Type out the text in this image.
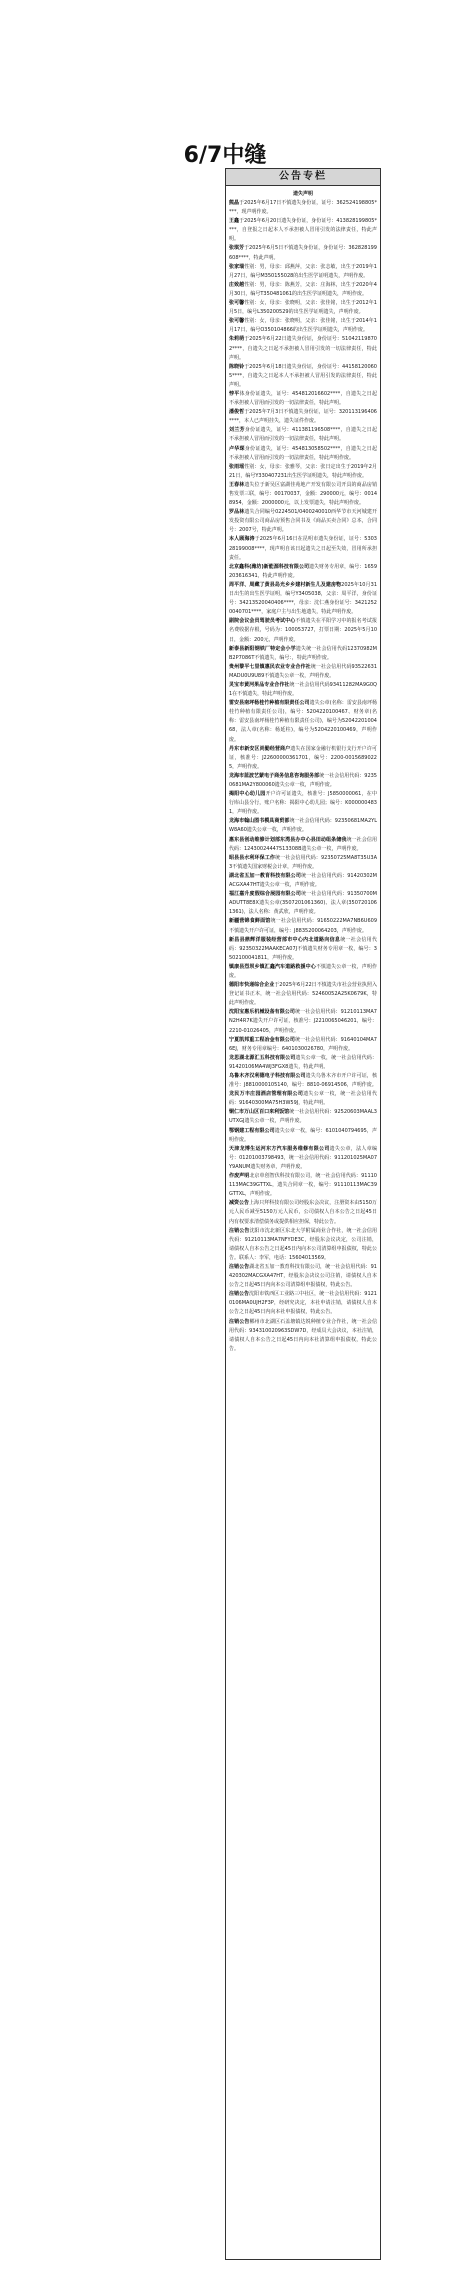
6/7中缝
公告专栏
遗失声明

熊晶于2025年6月17日不慎遗失身份证，证号：362524198805****，现声明作废。

王鑫于2025年6月20日遗失身份证，身份证号：413828199805****，自登报之日起本人不承担被人冒用引发的法律责任，特此声明。

张琪芳于2025年6月5日不慎遗失身份证，身份证号：362828199608****，特此声明。

张家瑞性别：男，母亲：邱燕萍，父亲：张志敏，出生于2019年1月27日，编号M350155028的出生医学证明遗失，声明作废。

庄致越性别：男，母亲：陈燕芳，父亲：庄海林，出生于2020年4月30日，编号T350481061的出生医学证明遗失，声明作废。

张可馨性别：女，母亲：张晓明，父亲：张佳铭，出生于2012年1月5日，编号L350200529的出生医学证明遗失，声明作废。

张可馨性别：女，母亲：张晓明，父亲：张佳铭，出生于2014年1月17日，编号O350104866的出生医学证明遗失，声明作废。

朱莉萌于2025年6月22日遗失身份证，身份证号：510421198702****，自遗失之日起不承担被人冒用引发的一切法律责任，特此声明。

陈晓铃于2025年6月18日遗失身份证，身份证号：441581200605****，自遗失之日起本人不承担被人冒用引发的法律责任，特此声明。

悖平体身份证遗失，证号：454812016602****，自遗失之日起不承担被人冒用而引发的一切法律责任，特此声明。

潘俊哲于2025年7月3日不慎遗失身份证，证号：320113196406****，本人已声明挂失，遗失证件作废。

刘兰芳身份证遗失，证号：411381196508****，自遗失之日起不承担被人冒用而引发的一切法律责任，特此声明。

卢华琛身份证遗失，证号：454813058502****，自遗失之日起不承担被人冒用而引发的一切法律责任，特此声明作废。

张雨瑶性别：女，母亲：张雅琴，父亲：张日定出生于2019年2月21日，编号Y330407231出生医学证明遗失，特此声明作废。

王春林遗失位于新吴区富湖佳苑地产开发有限公司开具的商品房销售发票三联，编号：00170037，金额：290000元，编号：00148954，金额：2000000元，以上发票遗失，特此声明作废。

罗品林遗失合同编号0224501/0400240010西华节市天河城建开发投资有限公司商品房预售合同书及《商品买卖合同》总本，合同号：2007号，特此声明。

本人顾海涛于2025年6月16日在昆明市遗失身份证，证号：530328199008****，现声明自该日起遗失之日起至失效，冒用所承担责任。

北京鑫科(潍坊)新能源科技有限公司遗失财务专用章，编号：1659203616341，特此声明作废。

周平洋、周藏了黄县岛光乡乡建村新生儿及建房物2025年10月31日出生的出生医学证明，编号Y3405038，父亲：周平洋，身份证号：34213520040406****，母亲：沈仁燕身份证号：34212520040701****，家庭户主与出生地遗失，特此声明作废。

副院会议会员驾驶员考试中心不慎遗失在平阳学习中的报名考试报名费收据存根，号码为：100053727，打票日期：2025年5月10日，金额：200元，声明作废。

新泰县新阳钢铁厂特定会小学遗失统一社会信用代码12370982MB2P7086T不慎遗失，编号：，特此声明作废。

贵州黎平七里镇惠民农业专业合作社统一社会信用代码93522631MADU0U9U89不慎遗失公章一枚，声明作废。

灵宝市黄河果品专业合作社统一社会信用代码93411282MA9G0Q1在不慎遗失，特此声明作废。

雷安县南坪杨桂竹种植有限责任公司遗失公章(名称：雷安县南坪杨桂竹种植有限责任公司)，编号：5204220100467、财务章(名称：雷安县南坪杨桂竹种植有限责任公司)，编号为5204220100468，法人章(名称：杨延柱)，编号为5204220100469，声明作废。

丹东市新安区尚勤经营商户遗失在国家金融行机银行支行开户许可证，核准号：J22600000361701，编号：2200-00156890225，声明作废。

龙海市蓝波艺蒙电子商务信息咨询服务部统一社会信用代码：92350681MA2Y800060遗失公章一枚，声明作废。

揭阳中心幼儿园开户许可证遗失，核准号：J5850000061，在中行库山县分行，账户名称：揭阳中心幼儿园；编号：K0000004831，声明作废。

龙海市翰山图书模具商贸部统一社会信用代码：92350681MA2YLW8A60遗失公章一枚，声明作废。

惠东县创动维修计划部东湾县办中心县田动组条储我统一社会信用代码：12430024447513308B遗失公章一枚，声明作废。

昭县县水利环保工作统一社会信用代码：92350725MA8T35U3A3不慎遗失国家财税会计章，声明作废。

湖北省五加一教育科技有限公司统一社会信用代码：91420302MACGXA47HT遗失公章一枚，声明作废。

福江嘉升度假综合展园有限公司统一社会信用代码：91350700MADUTT8E8X遗失公章(3507201061360)、法人章(3507201061361)，法人名称：黄武欣，声明作废。

新疆营锦食鲜面馆统一社会信用代码：91650222MA7NB6U609不慎遗失开户许可证，编号：J8835200064203，声明作废。

新昌县鼎辉洋服装经营部市中心内北道路向信息统一社会信用代码：92350322MAAKECA07J不慎遗失财务专用章一枚，编号：3502100041811，声明作废。

镇康县烈坝乡镇汇鑫汽车道路救援中心不慎遗失公章一枚，声明作废。

德阳市快递综合企业于2025年6月22日不慎遗失市社会营业执照入登记证书正本，统一社会信用代码：52460052A25K0679K，特此声明作废。

沈阳宝惠乐机械设备有限公司统一社会信用代码：91210113MA7N2H4R7K遗失开户许可证，核准号：J2210065046201，编号：2210-01026405，声明作废。

宁夏凯邦重工程冶金有限公司统一社会信用代码：91640104MA76EJ，财务专用章编号：6401030026780，声明作废。

龙思湖北源汇五科技有限公司遗失公章一枚，统一社会信用代码：91420106MA4WJ3FGX8遗失，特此声明。

乌鲁木齐汉利德电子科技有限公司遗失乌鲁木齐市开户许可证，核准号：J8810000105140，编号：8810-06914506，声明作废。

龙民万丰庄园酒店管理有限公司遗失公章一枚，统一社会信用代码：91640300MA75H3W59J，特此声明。

铜仁市万山区百口来利饭馆统一社会信用代码：92520603MAAL3UTXGJ遗失公章一枚，声明作废。

鄂钢建工程有限公司遗失公章一枚，编号：6101040794695，声明作废。

天津龙博生运河东方汽车服务维修有限公司遗失公章，法人章编号：01201003798493，统一社会信用代码：911201025MA07Y9ANUM遗失财务章，声明作废。

作废声明北京单创智伏科技有限公司，统一社会信用代码：91110113MAC39GTTXL，遗失合同章一枚，编号：91110113MAC39GTTXL，声明作废。

减资公告上海只拜科技有限公司经股东会决议，注册资本由5150万元人民币减至5150万元人民币，公司债权人自本公告之日起45日内有权要求清偿债务或提供相应担保，特此公告。

注销公告沈阳市沈北新区东北大学附属商业合作社，统一社会信用代码：91210113MA7NFYDE3C，经股东会议决定，公司注销，请债权人自本公告之日起45日内向本公司清算组申报债权，特此公告。联系人：李军，电话：15604013569。

注销公告湖北省五加一教育科技有限公司，统一社会信用代码：91420302MACGXA47HT，经股东会决议公司注销，请债权人自本公告之日起45日内向本公司清算组申报债权，特此公告。

注销公告沈阳市铁西区工业路三中社区，统一社会信用代码：91210106MA0UJH2F3P，经研究决定，本社申请注销，请债权人自本公告之日起45日内向本社申报债权，特此公告。

注销公告郴州市北湖区石盖塘镇达锐种植专业合作社，统一社会信用代码：934310020963SDW7D，经成员大会决议，本社注销，请债权人自本公告之日起45日内向本社清算组申报债权，特此公告。
